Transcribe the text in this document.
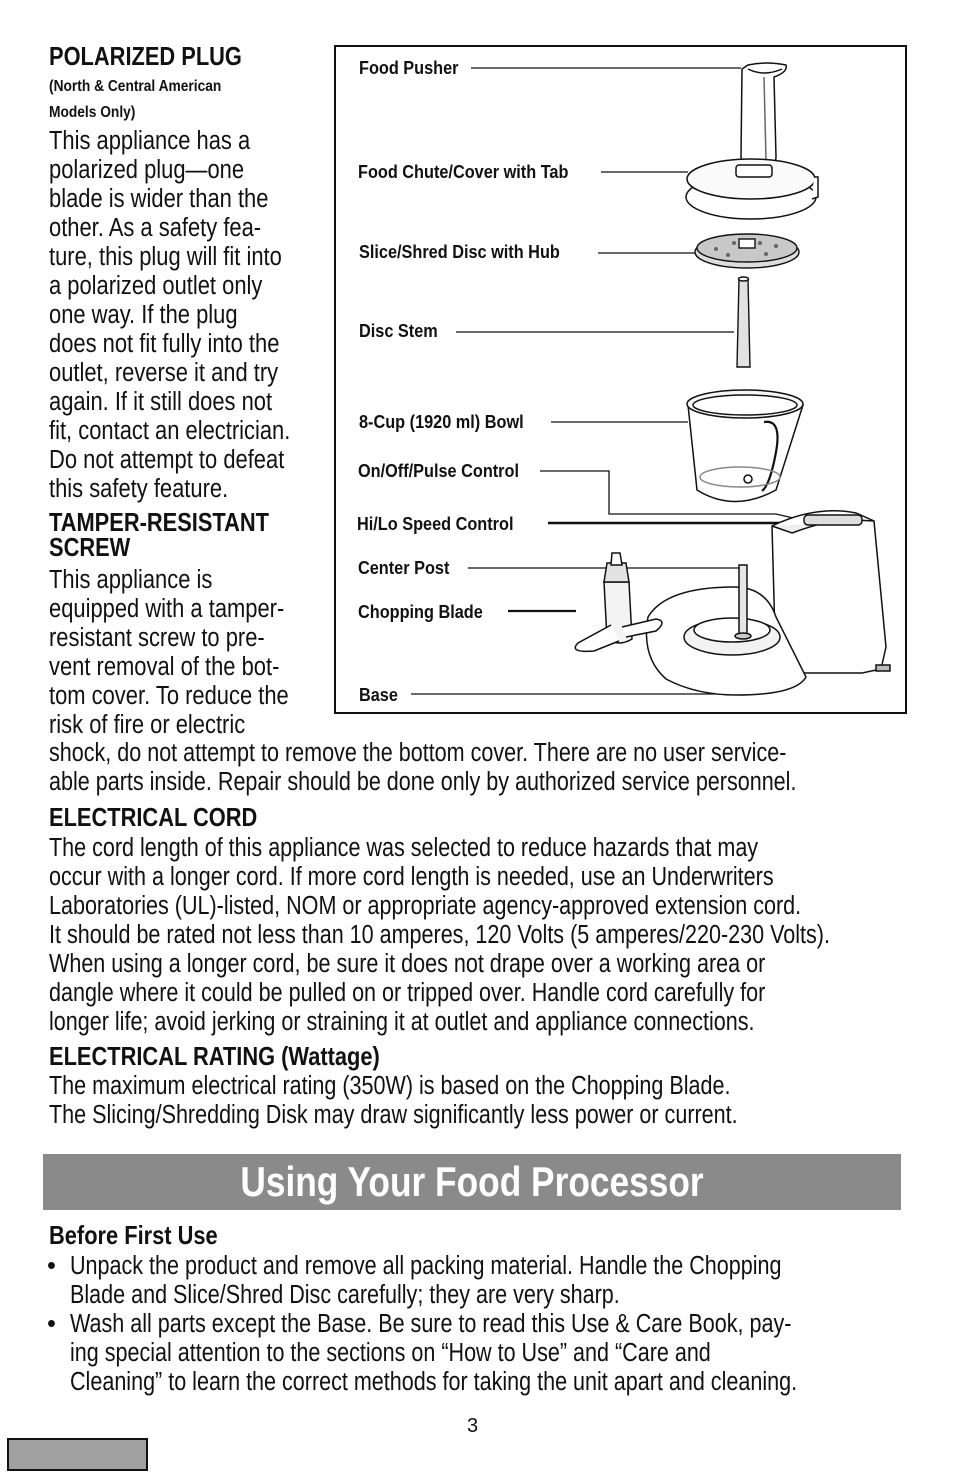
POLARIZED PLUG
(North & Central American
Models Only)
This appliance has a
polarized plug—one
blade is wider than the
other. As a safety fea-
ture, this plug will fit into
a polarized outlet only
one way. If the plug
does not fit fully into the
outlet, reverse it and try
again. If it still does not
fit, contact an electrician.
Do not attempt to defeat
this safety feature.
TAMPER-RESISTANT
SCREW
This appliance is
equipped with a tamper-
resistant screw to pre-
vent removal of the bot-
tom cover. To reduce the
risk of fire or electric
shock, do not attempt to remove the bottom cover. There are no user service-
able parts inside. Repair should be done only by authorized service personnel.
Food Pusher
Food Chute/Cover with Tab
Slice/Shred Disc with Hub
Disc Stem
8-Cup (1920 ml) Bowl
On/Off/Pulse Control
Hi/Lo Speed Control
Center Post
Chopping Blade
Base
ELECTRICAL CORD
The cord length of this appliance was selected to reduce hazards that may
occur with a longer cord. If more cord length is needed, use an Underwriters
Laboratories (UL)-listed, NOM or appropriate agency-approved extension cord.
It should be rated not less than 10 amperes, 120 Volts (5 amperes/220-230 Volts).
When using a longer cord, be sure it does not drape over a working area or
dangle where it could be pulled on or tripped over. Handle cord carefully for
longer life; avoid jerking or straining it at outlet and appliance connections.
ELECTRICAL RATING (Wattage)
The maximum electrical rating (350W) is based on the Chopping Blade.
The Slicing/Shredding Disk may draw significantly less power or current.
Using Your Food Processor
Before First Use
• Unpack the product and remove all packing material. Handle the Chopping
Blade and Slice/Shred Disc carefully; they are very sharp.
• Wash all parts except the Base. Be sure to read this Use & Care Book, pay-
ing special attention to the sections on “How to Use” and “Care and
Cleaning” to learn the correct methods for taking the unit apart and cleaning.
3
